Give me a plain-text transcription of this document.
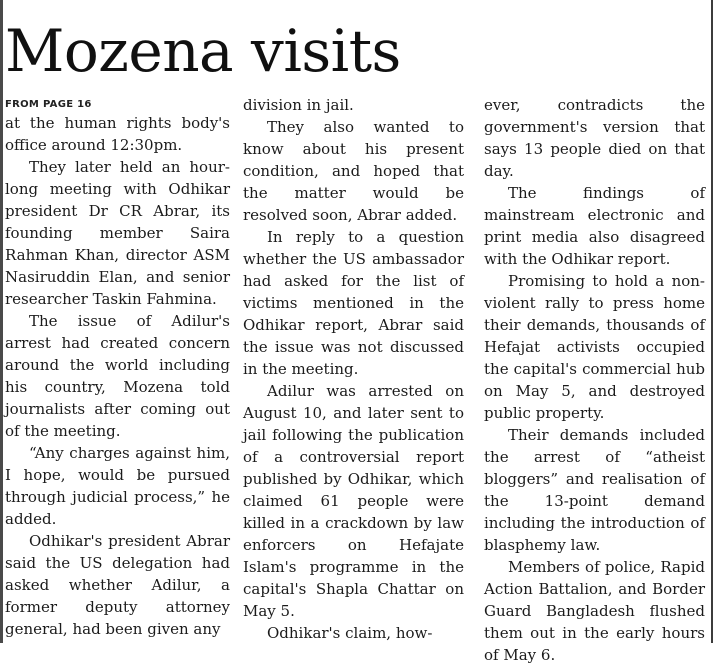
Mozena visits
FROM PAGE 16

at the human rights body's office around 12:30pm.

They later held an hour-long meeting with Odhikar president Dr CR Abrar, its founding member Saira Rahman Khan, director ASM Nasiruddin Elan, and senior researcher Taskin Fahmina.

The issue of Adilur's arrest had created concern around the world including his country, Mozena told journalists after coming out of the meeting.

“Any charges against him, I hope, would be pursued through judicial process,” he added.

Odhikar's president Abrar said the US delegation had asked whether Adilur, a former deputy attorney general, had been given any

division in jail.

They also wanted to know about his present condition, and hoped that the matter would be resolved soon, Abrar added.

In reply to a question whether the US ambassador had asked for the list of victims mentioned in the Odhikar report, Abrar said the issue was not discussed in the meeting.

Adilur was arrested on August 10, and later sent to jail following the publication of a controversial report published by Odhikar, which claimed 61 people were killed in a crackdown by law enforcers on Hefajate Islam's programme in the capital's Shapla Chattar on May 5.

Odhikar's claim, how-

ever, contradicts the government's version that says 13 people died on that day.

The findings of mainstream electronic and print media also disagreed with the Odhikar report.

Promising to hold a non-violent rally to press home their demands, thousands of Hefajat activists occupied the capital's commercial hub on May 5, and destroyed public property.

Their demands included the arrest of “atheist bloggers” and realisation of the 13-point demand including the introduction of blasphemy law.

Members of police, Rapid Action Battalion, and Border Guard Bangladesh flushed them out in the early hours of May 6.
